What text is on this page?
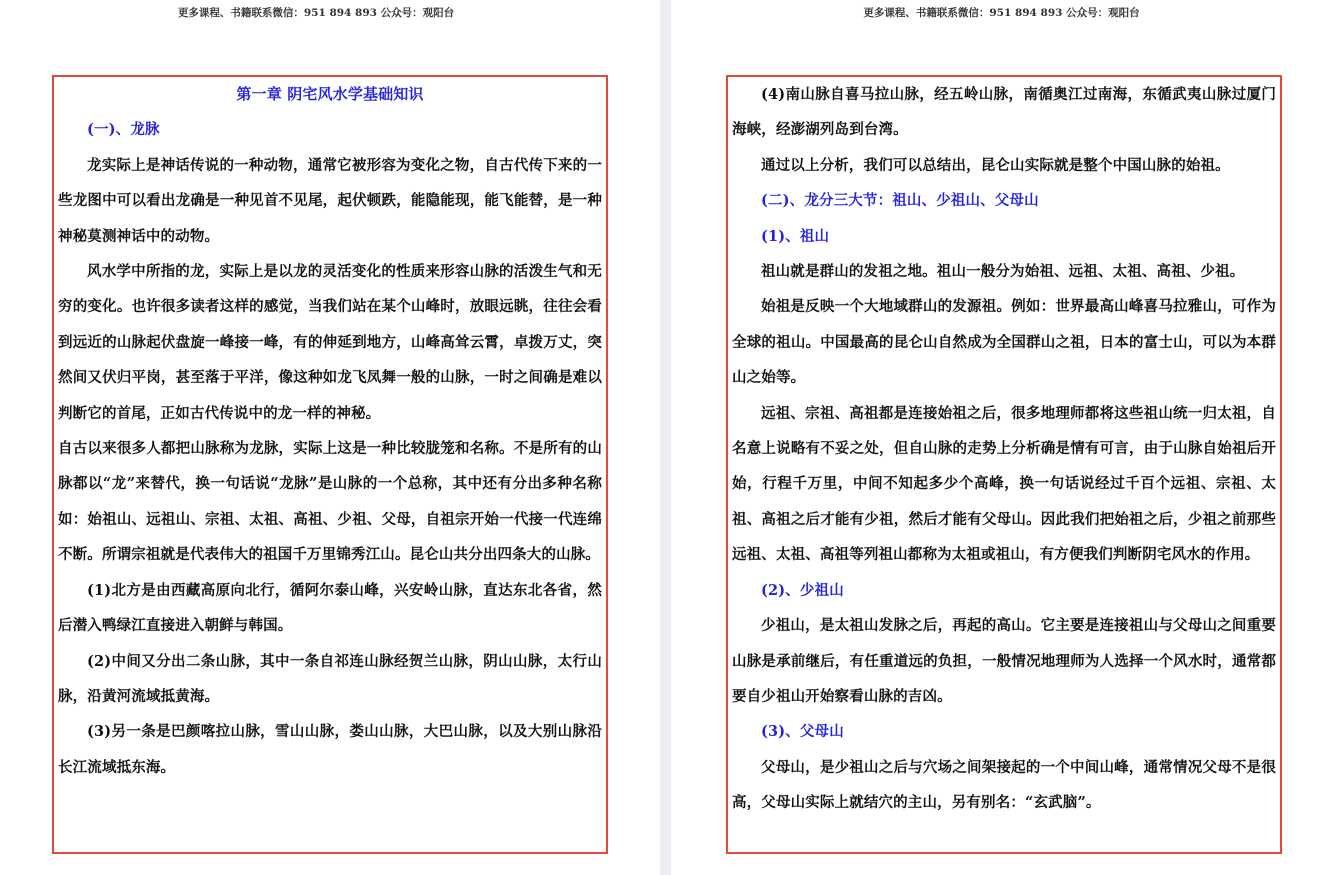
更多课程、书籍联系微信：951 894 893 公众号：观阳台

第一章 阴宅风水学基础知识

(一)、龙脉

龙实际上是神话传说的一种动物，通常它被形容为变化之物，自古代传下来的一些龙图中可以看出龙确是一种见首不见尾，起伏顿跌，能隐能现，能飞能替，是一种神秘莫测神话中的动物。

风水学中所指的龙，实际上是以龙的灵活变化的性质来形容山脉的活泼生气和无穷的变化。也许很多读者这样的感觉，当我们站在某个山峰时，放眼远眺，往往会看到远近的山脉起伏盘旋一峰接一峰，有的伸延到地方，山峰高耸云霄，卓拨万丈，突然间又伏归平岗，甚至落于平洋，像这种如龙飞凤舞一般的山脉，一时之间确是难以判断它的首尾，正如古代传说中的龙一样的神秘。

自古以来很多人都把山脉称为龙脉，实际上这是一种比较胧笼和名称。不是所有的山脉都以“龙”来替代，换一句话说“龙脉”是山脉的一个总称，其中还有分出多种名称如：始祖山、远祖山、宗祖、太祖、高祖、少祖、父母，自祖宗开始一代接一代连绵不断。所谓宗祖就是代表伟大的祖国千万里锦秀江山。昆仑山共分出四条大的山脉。

(1)北方是由西藏高原向北行，循阿尔泰山峰，兴安岭山脉，直达东北各省，然后潜入鸭绿江直接进入朝鲜与韩国。

(2)中间又分出二条山脉，其中一条自祁连山脉经贺兰山脉，阴山山脉，太行山脉，沿黄河流域抵黄海。

(3)另一条是巴颜喀拉山脉，雪山山脉，娄山山脉，大巴山脉，以及大别山脉沿长江流域抵东海。

更多课程、书籍联系微信：951 894 893 公众号：观阳台

(4)南山脉自喜马拉山脉，经五岭山脉，南循奥江过南海，东循武夷山脉过厦门海峡，经澎湖列岛到台湾。

通过以上分析，我们可以总结出，昆仑山实际就是整个中国山脉的始祖。

(二)、龙分三大节：祖山、少祖山、父母山

(1)、祖山

祖山就是群山的发祖之地。祖山一般分为始祖、远祖、太祖、高祖、少祖。

始祖是反映一个大地域群山的发源祖。例如：世界最高山峰喜马拉雅山，可作为全球的祖山。中国最高的昆仑山自然成为全国群山之祖，日本的富士山，可以为本群山之始等。

远祖、宗祖、高祖都是连接始祖之后，很多地理师都将这些祖山统一归太祖，自名意上说略有不妥之处，但自山脉的走势上分析确是情有可言，由于山脉自始祖后开始，行程千万里，中间不知起多少个高峰，换一句话说经过千百个远祖、宗祖、太祖、高祖之后才能有少祖，然后才能有父母山。因此我们把始祖之后，少祖之前那些远祖、太祖、高祖等列祖山都称为太祖或祖山，有方便我们判断阴宅风水的作用。

(2)、少祖山

少祖山，是太祖山发脉之后，再起的高山。它主要是连接祖山与父母山之间重要山脉是承前继后，有任重道远的负担，一般情况地理师为人选择一个风水时，通常都要自少祖山开始察看山脉的吉凶。

(3)、父母山

父母山，是少祖山之后与穴场之间架接起的一个中间山峰，通常情况父母不是很高，父母山实际上就结穴的主山，另有别名：“玄武脑”。
